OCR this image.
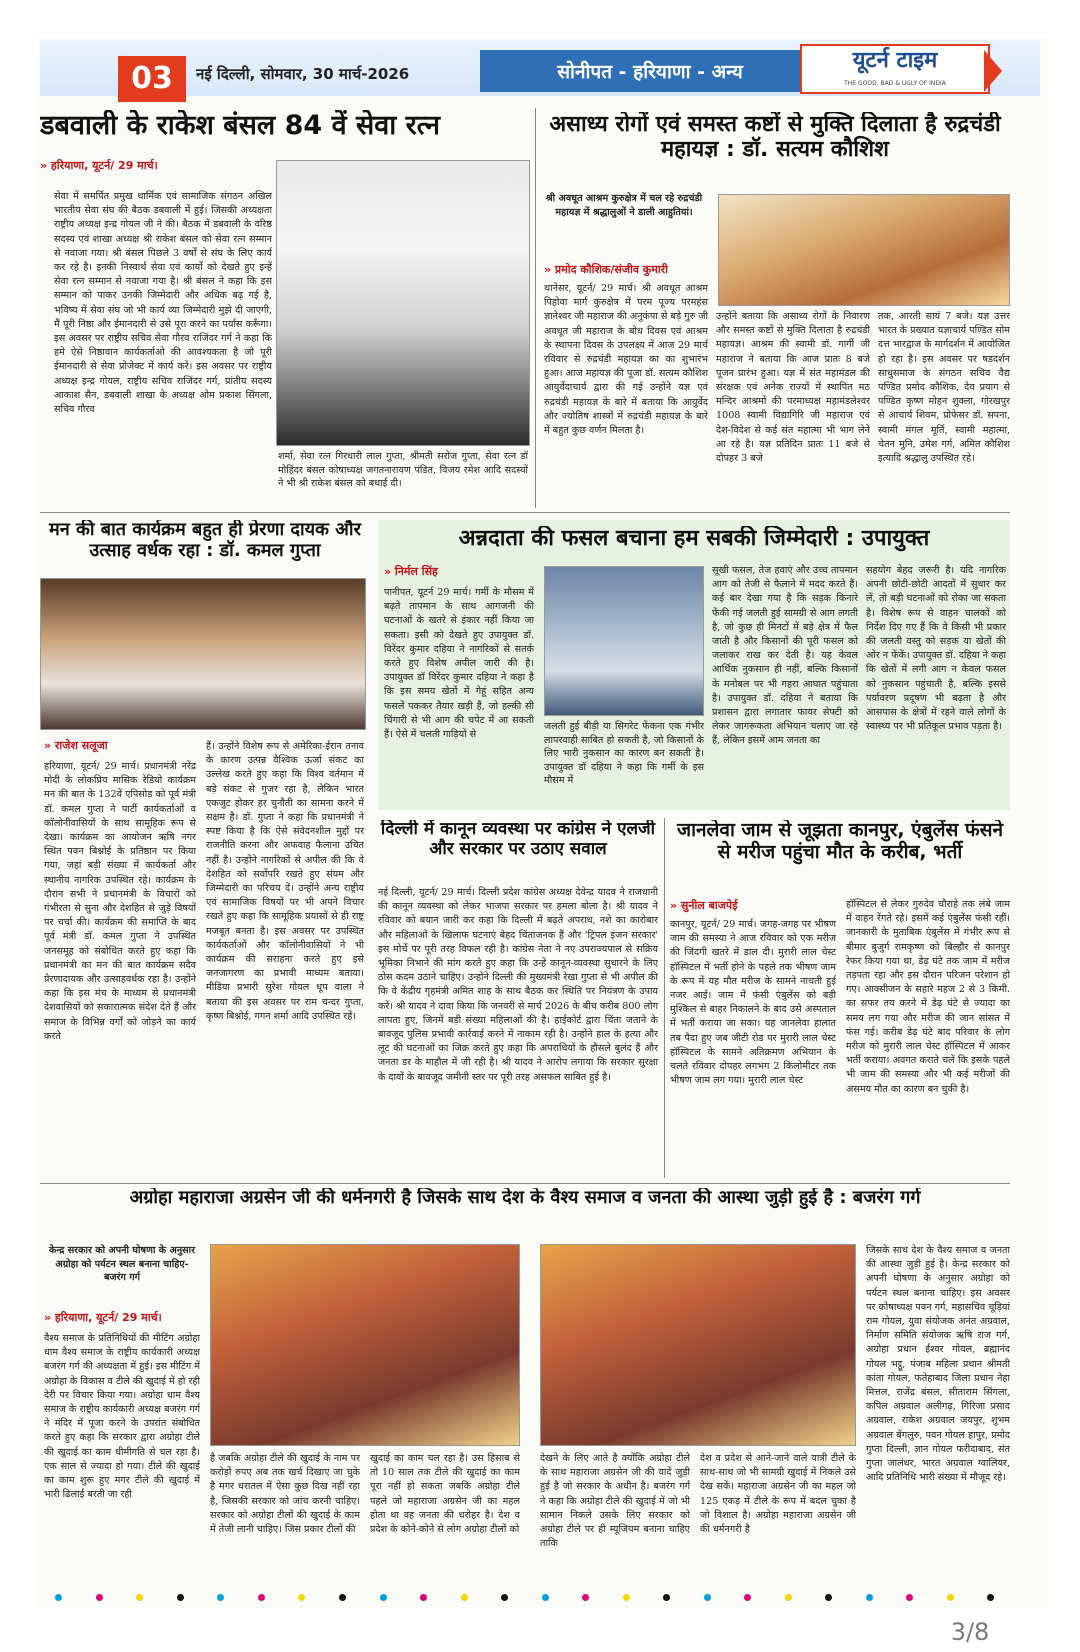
03	नई दिल्ली, सोमवार, 30 मार्च-2026	सोनीपत - हरियाणा - अन्य	यूटर्न टाइम
THE GOOD, BAD & UGLY OF INDIA
डबवाली के राकेश बंसल 84 वें सेवा रत्न
» हरियाणा, यूटर्न/ 29 मार्च।
सेवा में समर्पित प्रमुख धार्मिक एवं सामाजिक संगठन अखिल भारतीय सेवा संघ की बैठक डबवाली में हुई। जिसकी अध्यक्षता राष्ट्रीय अध्यक्ष इन्द्र गोयल जी ने की। बैठक में डबवाली के वरिष्ठ सदस्य एवं शाखा अध्यक्ष श्री राकेश बंसल को सेवा रत्न सम्मान से नवाजा गया। श्री बंसल पिछले 3 वर्षों से संघ के लिए कार्य कर रहे है। इनकी निस्वार्थ सेवा एवं कार्यो को देखते हुए इन्हें सेवा रत्न सम्मान से नवाजा गया है। श्री बंसल ने कहा कि इस सम्मान को पाकर उनकी जिम्मेदारी और अधिक बढ़ गई है, भविष्य में सेवा संघ जो भी कार्य व्या जिम्मेदारी मुझे दी जाएगी, मैं पूरी निष्ठा और ईमानदारी से उसे पूरा करने का पर्यास करूँगा। इस अवसर पर राष्ट्रीय सचिव सेवा गौरव राजिंदर गर्ग ने कहा कि हमे ऐसे निष्ठावान कार्यकर्ताओ की आवश्यकता है जो पूरी ईमानदारी से सेवा प्रोजेक्ट में कार्य करें। इस अवसर पर राष्ट्रीय अध्यक्ष इन्द्र गोयल, राष्ट्रीय सचिव राजिंदर गर्ग, प्रांतीय सदस्य आकाश सैन, डबवाली शाखा के अध्यक्ष ओम प्रकाश सिंगला, सचिव गौरव
शर्मा, सेवा रत्न गिरधारी लाल गुप्ता, श्रीमती सरोज गुप्ता, सेवा रत्न डॉ मोहिंदर बंसल कोषाध्यक्ष जगतनारायण पंडित, विजय रमेश आदि सदस्यों ने भी श्री राकेश बंसल को बधाई दी।
असाध्य रोगों एवं समस्त कष्टों से मुक्ति दिलाता है रुद्रचंडी महायज्ञ : डॉ. सत्यम कौशिश
श्री अवधूत आश्रम कुरुक्षेत्र में चल रहे रुद्रचंडी महायज्ञ में श्रद्धालुओं ने डाली आहुतियां।
» प्रमोद कौशिक/संजीव कुमारी
थानेसर, यूटर्न/ 29 मार्च। श्री अवधूत आश्रम पिहोवा मार्ग कुरुक्षेत्र में परम पूज्य परमहंस ज्ञानेश्वर जी महाराज की अनुकंपा से बड़े गुरु जी अवधूत जी महाराज के बोध दिवस एवं आश्रम के स्थापना दिवस के उपलक्ष्य में आज 29 मार्च रविवार से रुद्रचंडी महायज्ञ का का शुभारंभ हुआ। आज महायज्ञ की पूजा डॉ. सत्यम कौशिश आयुर्वेदाचार्य द्वारा की गई उन्होंने यज्ञ एवं रुद्रचंडी महायज्ञ के बारे में बताया कि आयुर्वेद और ज्योतिष शास्त्रों में रुद्रचंडी महायज्ञ के बारे में बहुत कुछ वर्णन मिलता है।
उन्होंने बताया कि असाध्य रोगों के निवारण और समस्त कष्टों से मुक्ति दिलाता है रुद्रचंडी महायज्ञ। आश्रम की स्वामी डॉ. गार्गी जी महाराज ने बताया कि आज प्रातः 8 बजे पूजन प्रारंभ हुआ। यज्ञ में संत महामंडल की संरक्षक एवं अनेक राज्यों में स्थापित मठ मन्दिर आश्रमों की परमाध्यक्ष महामंडलेश्वर 1008 स्वामी विद्यागिरि जी महाराज एवं देश-विदेश से कई संत महात्मा भी भाग लेने आ रहे है। यज्ञ प्रतिदिन प्रातः 11 बजे से दोपहर 3 बजे
तक, आरती सायं 7 बजे। यज्ञ उत्तर भारत के प्रख्यात यज्ञाचार्य पण्डित सोम दत्त भारद्वाज के मार्गदर्शन में आयोजित हो रहा है। इस अवसर पर षडदर्शन साधुसमाज के संगठन सचिव वैद्य पण्डित प्रमोद कौशिक, देव प्रयाग से पण्डित कृष्ण मोहन शुक्ला, गोरखपुर से आचार्य शिवम, प्रोफेसर डॉ. सपना, स्वामी मंगल मूर्ति, स्वामी महात्मा, चेतन मुनि, उमेश गर्ग, अमित कौशिश इत्यादि श्रद्धालु उपस्थित रहे।
मन की बात कार्यक्रम बहुत ही प्रेरणा दायक और उत्साह वर्धक रहा : डॉ. कमल गुप्ता
» राजेश सलूजा
हरियाणा, यूटर्न/ 29 मार्च। प्रधानमंत्री नरेंद्र मोदी के लोकप्रिय मासिक रेडियो कार्यक्रम मन की बात के 132वें एपिसोड को पूर्व मंत्री डॉ. कमल गुप्ता ने पार्टी कार्यकर्ताओं व कॉलोनीवासियों के साथ सामूहिक रूप से देखा। कार्यक्रम का आयोजन ऋषि नगर स्थित पवन बिश्नोई के प्रतिष्ठान पर किया गया, जहां बड़ी संख्या में कार्यकर्ता और स्थानीय नागरिक उपस्थित रहे। कार्यक्रम के दौरान सभी ने प्रधानमंत्री के विचारों को गंभीरता से सुना और देशहित से जुड़े विषयों पर चर्चा की। कार्यक्रम की समाप्ति के बाद पूर्व मंत्री डॉ. कमल गुप्ता ने उपस्थित जनसमूह को संबोधित करते हुए कहा कि प्रधानमंत्री का मन की बात कार्यक्रम सदैव प्रेरणादायक और उत्साहवर्धक रहा है। उन्होंने कहा कि इस मंच के माध्यम से प्रधानमंत्री देशवासियों को सकारात्मक संदेश देते हैं और समाज के विभिन्न वर्गों को जोड़ने का कार्य करते
हैं। उन्होंने विशेष रूप से अमेरिका-ईरान तनाव के कारण उत्पन्न वैश्विक ऊर्जा संकट का उल्लेख करते हुए कहा कि विश्व वर्तमान में बड़े संकट से गुजर रहा है, लेकिन भारत एकजुट होकर हर चुनौती का सामना करने में सक्षम है। डॉ. गुप्ता ने कहा कि प्रधानमंत्री ने स्पष्ट किया है कि ऐसे संवेदनशील मुद्दों पर राजनीति करना और अफवाह फैलाना उचित नहीं है। उन्होंने नागरिकों से अपील की कि वे देशहित को सर्वोपरि रखते हुए संयम और जिम्मेदारी का परिचय दें। उन्होंने अन्य राष्ट्रीय एवं सामाजिक विषयों पर भी अपने विचार रखते हुए कहा कि सामूहिक प्रयासों से ही राष्ट्र मजबूत बनता है। इस अवसर पर उपस्थित कार्यकर्ताओं और कॉलोनीवासियों ने भी कार्यक्रम की सराहना करते हुए इसे जनजागरण का प्रभावी माध्यम बताया। मीडिया प्रभारी सुरेश गोयल धूप वाला ने बताया की इस अवसर पर राम चन्दर गुप्ता, कृष्ण बिश्नोई, गगन शर्मा आदि उपस्थित रहें।
अन्नदाता की फसल बचाना हम सबकी जिम्मेदारी : उपायुक्त
» निर्मल सिंह
पानीपत, यूटर्न 29 मार्च। गर्मी के मौसम में बढ़ते तापमान के साथ आगजनी की घटनाओं के खतरे से इंकार नहीं किया जा सकता। इसी को देखते हुए उपायुक्त डॉ. विरेंदर कुमार दहिया ने नागरिकों से सतर्क करते हुए विशेष अपील जारी की है। उपायुक्त डॉ विरेंदर कुमार दहिया ने कहा है कि इस समय खेतों में गेहूं सहित अन्य फसलें पककर तैयार खड़ी हैं, जो हल्की सी चिंगारी से भी आग की चपेट में आ सकती हैं। ऐसे में चलती गाड़ियों से
जलती हुई बीड़ी या सिगरेट फेंकना एक गंभीर लापरवाही साबित हो सकती है, जो किसानों के लिए भारी नुकसान का कारण बन सकती है। उपायुक्त डॉ दहिया ने कहा कि गर्मी के इस मौसम में
सूखी फसल, तेज हवाएं और उच्च तापमान आग को तेजी से फैलाने में मदद करते हैं। कई बार देखा गया है कि सड़क किनारे फेंकी गई जलती हुई सामग्री से आग लगती है, जो कुछ ही मिनटों में बड़े क्षेत्र में फैल जाती है और किसानों की पूरी फसल को जलाकर राख कर देती है। यह केवल आर्थिक नुकसान ही नहीं, बल्कि किसानों के मनोबल पर भी गहरा आघात पहुंचाता है। उपायुक्त डॉ. दहिया ने बताया कि प्रशासन द्वारा लगातार फायर सेफ्टी को लेकर जागरूकता अभियान चलाए जा रहे हैं, लेकिन इसमें आम जनता का
सहयोग बेहद जरूरी है। यदि नागरिक अपनी छोटी-छोटी आदतों में सुधार कर लें, तो बड़ी घटनाओं को रोका जा सकता है। विशेष रूप से वाहन चालकों को निर्देश दिए गए हैं कि वे किसी भी प्रकार की जलती वस्तु को सड़क या खेतों की ओर न फेंकें। उपायुक्त डॉ. दहिया ने कहा कि खेतों में लगी आग न केवल फसल को नुकसान पहुंचाती है, बल्कि इससे पर्यावरण प्रदूषण भी बढ़ता है और आसपास के क्षेत्रों में रहने वाले लोगों के स्वास्थ्य पर भी प्रतिकूल प्रभाव पड़ता है।
दिल्ली में कानून व्यवस्था पर कांग्रेस ने एलजी और सरकार पर उठाए सवाल
नई दिल्ली, यूटर्न/ 29 मार्च। दिल्ली प्रदेश कांग्रेस अध्यक्ष देवेन्द्र यादव ने राजधानी की कानून व्यवस्था को लेकर भाजपा सरकार पर हमला बोला है। श्री यादव ने रविवार को बयान जारी कर कहा कि दिल्ली में बढ़ते अपराध, नशे का कारोबार और महिलाओं के खिलाफ घटनाएं बेहद चिंताजनक हैं और 'ट्रिपल इंजन सरकार' इस मोर्चे पर पूरी तरह विफल रही है। कांग्रेस नेता ने नए उपराज्यपाल से सक्रिय भूमिका निभाने की मांग करते हुए कहा कि उन्हें कानून-व्यवस्था सुधारने के लिए ठोस कदम उठाने चाहिए। उन्होंने दिल्ली की मुख्यमंत्री रेखा गुप्ता से भी अपील की कि वे केंद्रीय गृहमंत्री अमित शाह के साथ बैठक कर स्थिति पर नियंत्रण के उपाय करें। श्री यादव ने दावा किया कि जनवरी से मार्च 2026 के बीच करीब 800 लोग लापता हुए, जिनमें बड़ी संख्या महिलाओं की है। हाईकोर्ट द्वारा चिंता जताने के बावजूद पुलिस प्रभावी कार्रवाई करने में नाकाम रही है। उन्होंने हाल के हत्या और लूट की घटनाओं का जिक्र करते हुए कहा कि अपराधियों के हौसले बुलंद हैं और जनता डर के माहौल में जी रही है। श्री यादव ने आरोप लगाया कि सरकार सुरक्षा के दावों के बावजूद जमीनी स्तर पर पूरी तरह असफल साबित हुई है।
जानलेवा जाम से जूझता कानपुर, एंबुलेंस फंसने से मरीज पहुंचा मौत के करीब, भर्ती
» सुनील बाजपेई
कानपुर, यूटर्न/ 29 मार्च। जगह-जगह पर भीषण जाम की समस्या ने आज रविवार को एक मरीज की जिंदगी खतरे में डाल दी। मुरारी लाल चेस्ट हॉस्पिटल में भर्ती होने के पहले तक भीषण जाम के रूप में यह मौत मरीज के सामने नाचती हुई नजर आई। जाम में फंसी एंबुलेंस को बड़ी मुश्किल से बाहर निकालने के बाद उसे अस्पताल में भर्ती कराया जा सका। यह जानलेवा हालात तब पैदा हुए जब जीटी रोड पर मुरारी लाल चेस्ट हॉस्पिटल के सामने अतिक्रमण अभियान के चलते रविवार दोपहर लगभग 2 किलोमीटर तक भीषण जाम लग गया। मुरारी लाल चेस्ट
हॉस्पिटल से लेकर गुरुदेव चौराहे तक लंबे जाम में वाहन रेंगते रहे। इसमें कई एंबुलेंस फंसी रहीं। जानकारी के मुताबिक एंबुलेंस में गंभीर रूप से बीमार बुजुर्ग रामकृष्ण को बिल्हौर से कानपुर रेफर किया गया था, डेढ़ घंटे तक जाम में मरीज तड़पता रहा और इस दौरान परिजन परेशान हो गए। आक्सीजन के सहारे महज 2 से 3 किमी. का सफर तय करने में डेढ़ घंटे से ज्यादा का समय लग गया और मरीज की जान सांसत में फंस गई। करीब डेढ़ घंटे बाद परिवार के लोग मरीज को मुरारी लाल चेस्ट हॉस्पिटल में आकर भर्ती कराया। अवगत कराते चलें कि इसके पहले भी जाम की समस्या और भी कई मरीजों की असमय मौत का कारण बन चुकी है।
अग्रोहा महाराजा अग्रसेन जी की धर्मनगरी है जिसके साथ देश के वैश्य समाज व जनता की आस्था जुड़ी हुई है : बजरंग गर्ग
केन्द्र सरकार को अपनी घोषणा के अनुसार अग्रोहा को पर्यटन स्थल बनाना चाहिए- बजरंग गर्ग
» हरियाणा, यूटर्न/ 29 मार्च।
वैश्य समाज के प्रतिनिधियों की मीटिंग अग्रोहा धाम वैश्य समाज के राष्ट्रीय कार्यकारी अध्यक्ष बजरंग गर्ग की अध्यक्षता में हुई। इस मीटिंग में अग्रोहा के विकास व टीले की खुदाई में हो रही देरी पर विचार किया गया। अग्रोहा धाम वैश्य समाज के राष्ट्रीय कार्यकारी अध्यक्ष बजरंग गर्ग ने मंदिर में पूजा करने के उपरांत संबोधित करते हुए कहा कि सरकार द्वारा अग्रोहा टीले की खुदाई का काम धीमीगति से चल रहा है। एक साल से ज्यादा हो गया। टीले की खुदाई का काम शुरू हुए मगर टीले की खुदाई में भारी ढिलाई बरती जा रही
है जबकि अग्रोहा टीले की खुदाई के नाम पर करोड़ों रुपए अब तक खर्च दिखाए जा चुके है मगर धरातल में ऐसा कुछ दिख नहीं रहा है, जिसकी सरकार को जांच करनी चाहिए। सरकार को अग्रोहा टीलों की खुदाई के काम में तेजी लानी चाहिए। जिस प्रकार टीलों की
खुदाई का काम चल रहा है। उस हिसाब से तो 10 साल तक टीले की खुदाई का काम पूरा नहीं हो सकता जबकि अग्रोहा टीले पहले जो महाराजा अग्रसेन जी का महल होता था वह जनता की धरोहर है। देश व प्रदेश के कोने-कोने से लोग अग्रोहा टीलों को
देखने के लिए आते है क्योंकि अग्रोहा टीले के साथ महाराजा अग्रसेन जी की यादें जुड़ी हुई है जो सरकार के अधीन है। बजरंग गर्ग ने कहा कि अग्रोहा टीले की खुदाई में जो भी सामान निकले उसके लिए सरकार को अग्रोहा टीले पर ही म्यूजियम बनाना चाहिए ताकि
देश व प्रदेश से आने-जाने वाले यात्री टीले के साथ-साथ जो भी सामग्री खुदाई में निकले उसे देख सकें। महाराजा अग्रसेन जी का महल जो 125 एकड़ में टीले के रूप में बदल चुका है जो विशाल है। अग्रोहा महाराजा अग्रसेन जी की धर्मनगरी है
जिसके साथ देश के वैश्य समाज व जनता की आस्था जुड़ी हुई है। केन्द्र सरकार को अपनी घोषणा के अनुसार अग्रोहा को पर्यटन स्थल बनाना चाहिए। इस अवसर पर कोषाध्यक्ष पवन गर्ग, महासचिव चूड़ियां राम गोयल, युवा संयोजक अनंत अग्रवाल, निर्माण समिति संयोजक ऋषि राज गर्ग, अग्रोहा प्रधान ईश्वर गोयल, ब्रह्मानंद गोयल भट्ठू, पंजाब महिला प्रधान श्रीमती कांता गोयल, फतेहाबाद जिला प्रधान नेहा मित्तल, राजेंद्र बंसल, सीताराम सिंगला, कपिल अग्रवाल अलीगढ़, गिरिजा प्रसाद अग्रवाल, राकेश अग्रवाल जयपुर, शुभम अग्रवाल बेंगलुरु, पवन गोयल हापुर, प्रमोद गुप्ता दिल्ली, ज्ञान गोयल फरीदाबाद, संत गुप्ता जालंधर, भारत अग्रवाल ग्वालियर, आदि प्रतिनिधि भारी संख्या में मौजूद रहे।
3/8
